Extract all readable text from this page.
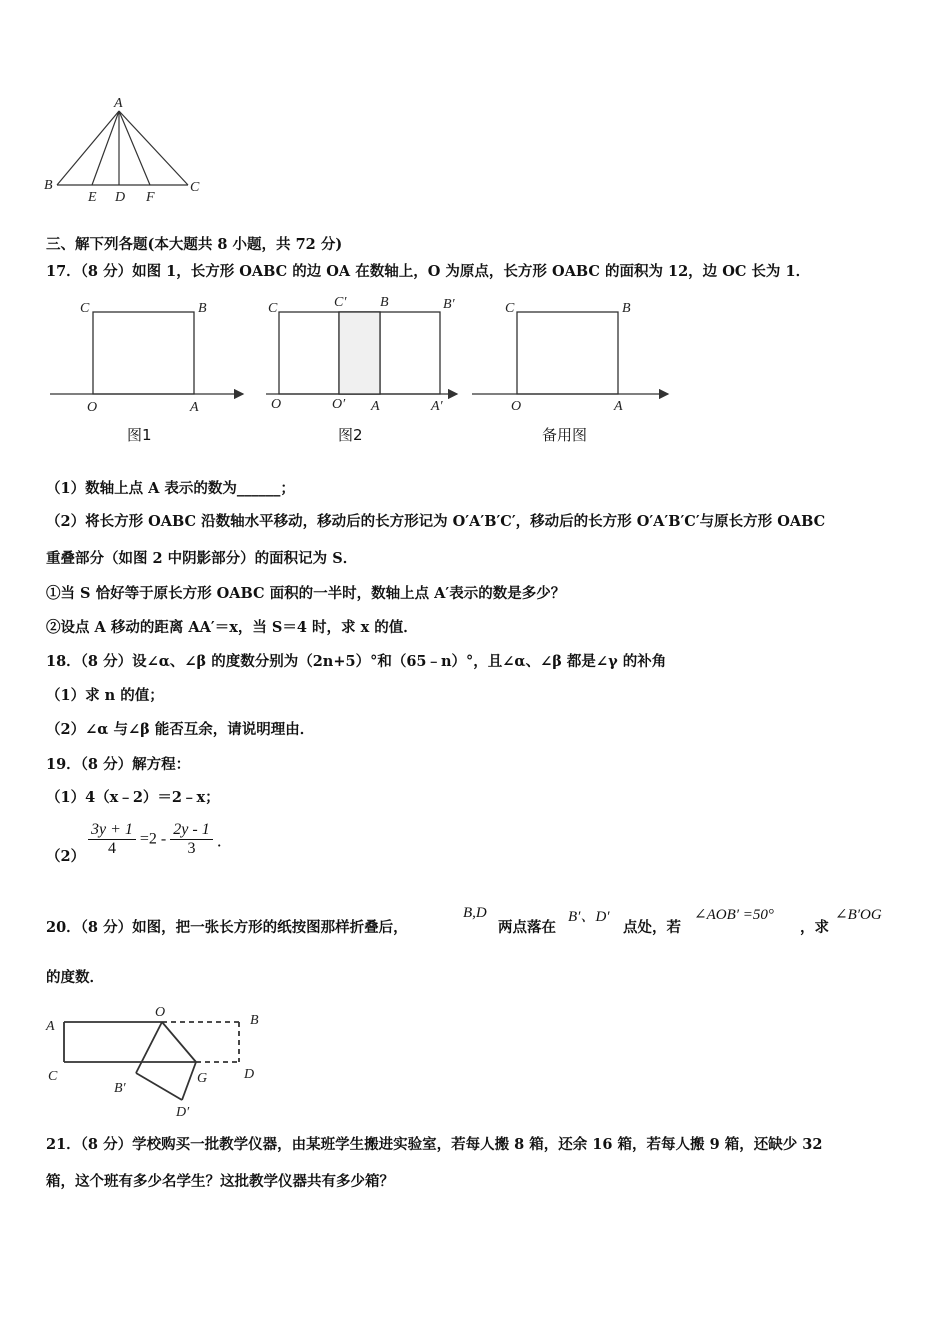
A
B	C
E D F
三、解下列各题(本大题共 8 小题，共 72 分)
17．（8 分）如图 1，长方形 OABC 的边 OA 在数轴上，O 为原点，长方形 OABC 的面积为 12，边 OC 长为 1．
C	B
O	A
C	C′ B	B′
O	O′ A	A′
C	B
O	A
图1	图2	备用图
（1）数轴上点 A 表示的数为______；
（2）将长方形 OABC 沿数轴水平移动，移动后的长方形记为 O′A′B′C′，移动后的长方形 O′A′B′C′与原长方形 OABC
重叠部分（如图 2 中阴影部分）的面积记为 S．
①当 S 恰好等于原长方形 OABC 面积的一半时，数轴上点 A′表示的数是多少？
②设点 A 移动的距离 AA′＝x，当 S＝4 时，求 x 的值．
18．（8 分）设∠α、∠β 的度数分别为（2n+5）°和（65﹣n）°，且∠α、∠β 都是∠γ 的补角
（1）求 n 的值；
（2）∠α 与∠β 能否互余，请说明理由．
19．（8 分）解方程：
（1）4（x﹣2）＝2﹣x；
$(2) \frac{3y + 1}{4} =2 - \frac{2y - 1}{3}$ ．
20．（8 分）如图，把一张长方形的纸按图那样折叠后，
B,D
两点落在
B′、D′
点处，若
∠AOB′ =50°
，求
∠B′OG
的度数．
A
O
B
C	G	D
B′
D′
21．（8 分）学校购买一批教学仪器，由某班学生搬进实验室，若每人搬 8 箱，还余 16 箱，若每人搬 9 箱，还缺少 32
箱，这个班有多少名学生？这批教学仪器共有多少箱？
